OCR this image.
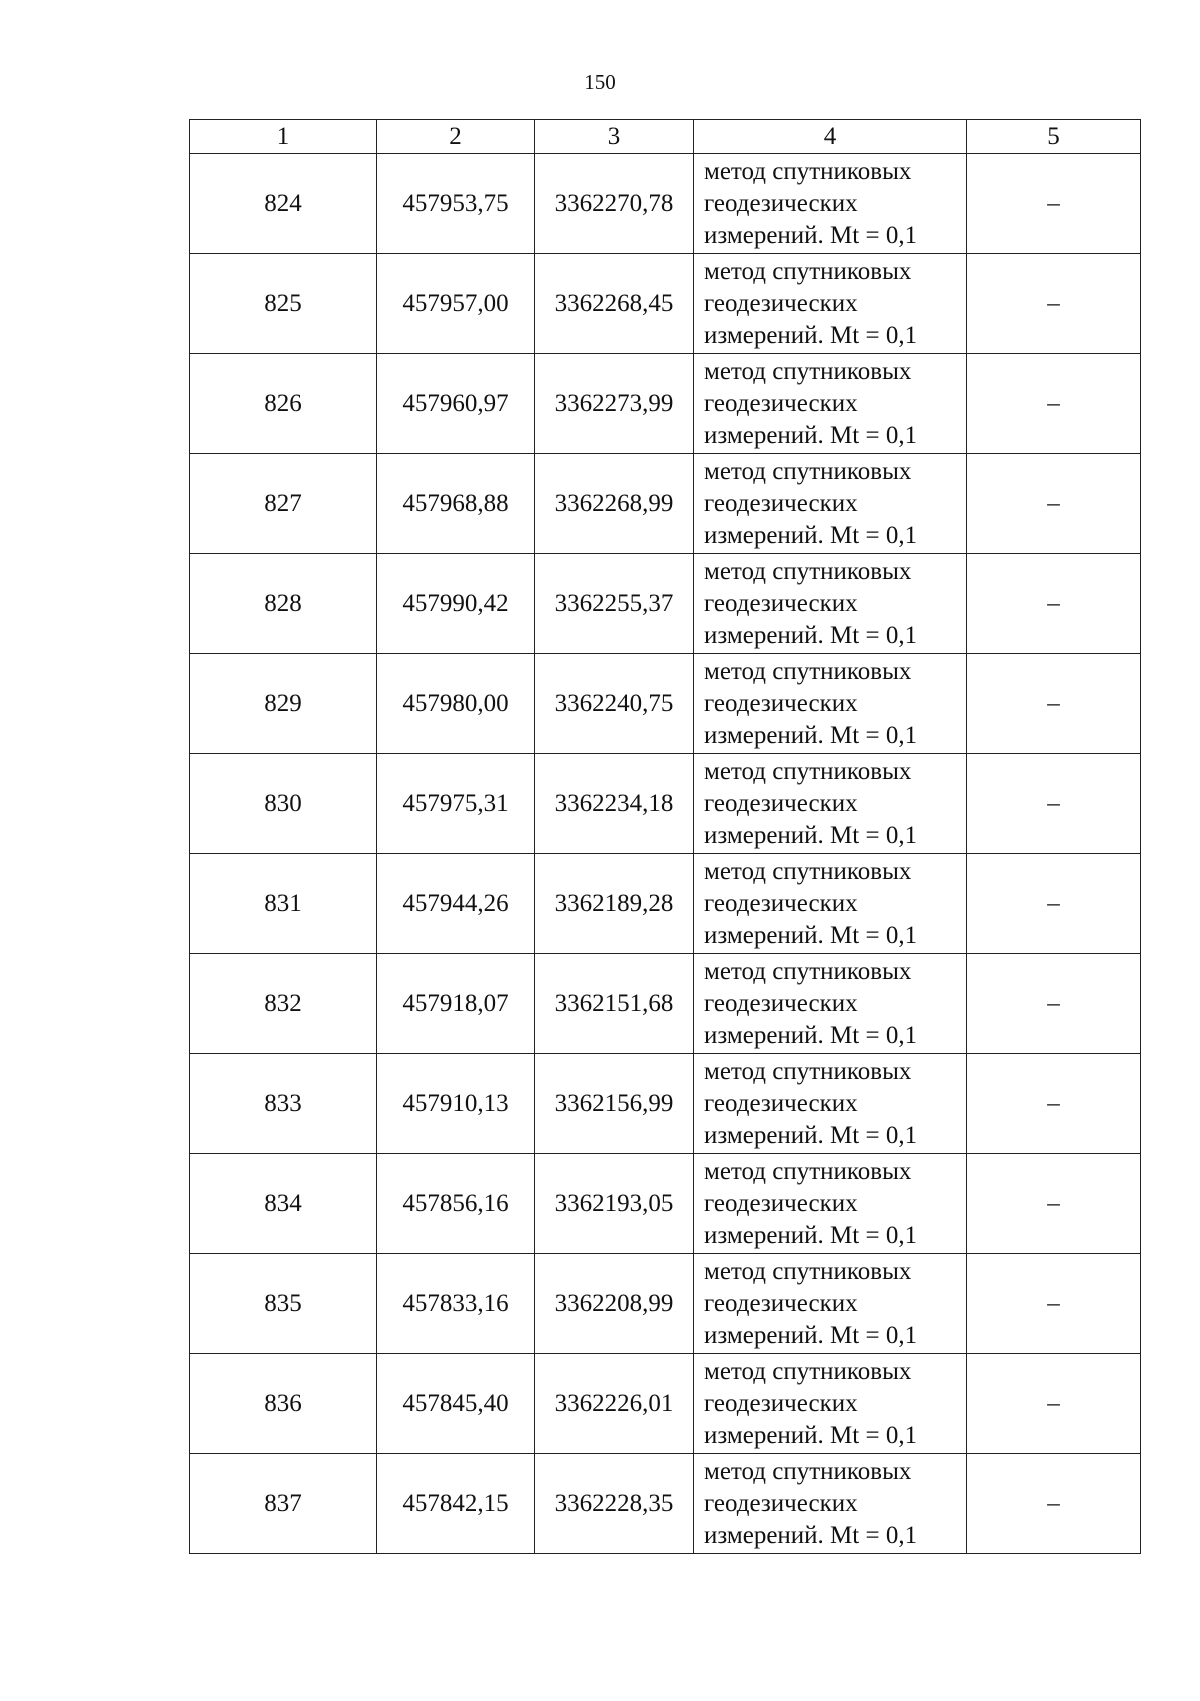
150
1	2	3	4	5
824	457953,75	3362270,78	метод спутниковых
геодезических
измерений. Mt = 0,1	–
825	457957,00	3362268,45	метод спутниковых
геодезических
измерений. Mt = 0,1	–
826	457960,97	3362273,99	метод спутниковых
геодезических
измерений. Mt = 0,1	–
827	457968,88	3362268,99	метод спутниковых
геодезических
измерений. Mt = 0,1	–
828	457990,42	3362255,37	метод спутниковых
геодезических
измерений. Mt = 0,1	–
829	457980,00	3362240,75	метод спутниковых
геодезических
измерений. Mt = 0,1	–
830	457975,31	3362234,18	метод спутниковых
геодезических
измерений. Mt = 0,1	–
831	457944,26	3362189,28	метод спутниковых
геодезических
измерений. Mt = 0,1	–
832	457918,07	3362151,68	метод спутниковых
геодезических
измерений. Mt = 0,1	–
833	457910,13	3362156,99	метод спутниковых
геодезических
измерений. Mt = 0,1	–
834	457856,16	3362193,05	метод спутниковых
геодезических
измерений. Mt = 0,1	–
835	457833,16	3362208,99	метод спутниковых
геодезических
измерений. Mt = 0,1	–
836	457845,40	3362226,01	метод спутниковых
геодезических
измерений. Mt = 0,1	–
837	457842,15	3362228,35	метод спутниковых
геодезических
измерений. Mt = 0,1	–
